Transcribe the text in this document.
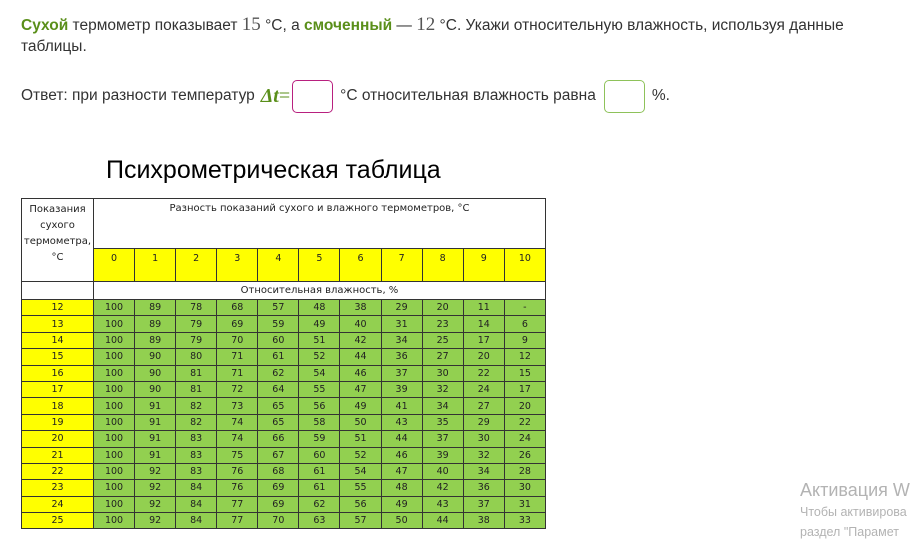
Сухой термометр показывает 15 °С, а смоченный — 12 °С. Укажи относительную влажность, используя данные таблицы.
Ответ: при разности температур Δt =	°С относительная влажность равна	%.
Психрометрическая таблица
Показания сухого термометра, °С	Разность показаний сухого и влажного термометров, °С										
	0	1	2	3	4	5	6	7	8	9	10
	Относительная влажность, %										
12	100	89	78	68	57	48	38	29	20	11	-
13	100	89	79	69	59	49	40	31	23	14	6
14	100	89	79	70	60	51	42	34	25	17	9
15	100	90	80	71	61	52	44	36	27	20	12
16	100	90	81	71	62	54	46	37	30	22	15
17	100	90	81	72	64	55	47	39	32	24	17
18	100	91	82	73	65	56	49	41	34	27	20
19	100	91	82	74	65	58	50	43	35	29	22
20	100	91	83	74	66	59	51	44	37	30	24
21	100	91	83	75	67	60	52	46	39	32	26
22	100	92	83	76	68	61	54	47	40	34	28
23	100	92	84	76	69	61	55	48	42	36	30
24	100	92	84	77	69	62	56	49	43	37	31
25	100	92	84	77	70	63	57	50	44	38	33
Активация W
Чтобы активирова
раздел "Парамет
